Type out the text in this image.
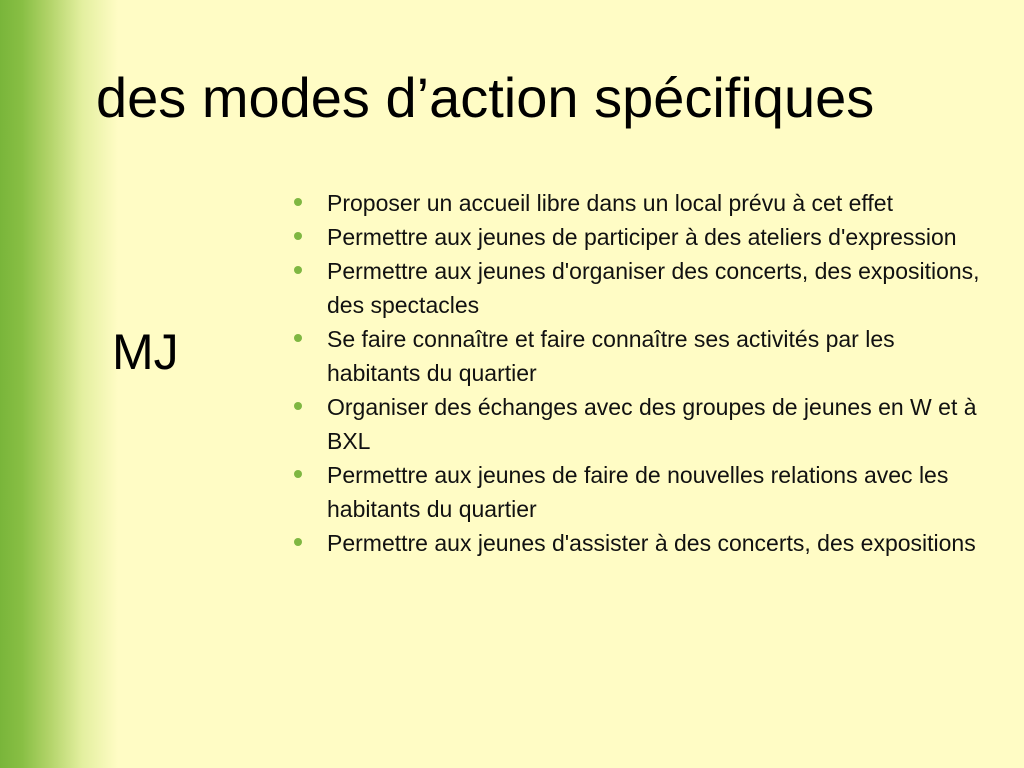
des modes d’action spécifiques
MJ
Proposer un accueil libre dans un local prévu à cet effet
Permettre aux jeunes de participer à des ateliers d'expression
Permettre aux jeunes d'organiser des concerts, des expositions, des spectacles
Se faire connaître et faire connaître ses activités par les habitants du quartier
Organiser des échanges avec des groupes de jeunes en W et à BXL
Permettre aux jeunes de faire de nouvelles relations avec les habitants du quartier
Permettre aux jeunes d'assister à des concerts, des expositions
